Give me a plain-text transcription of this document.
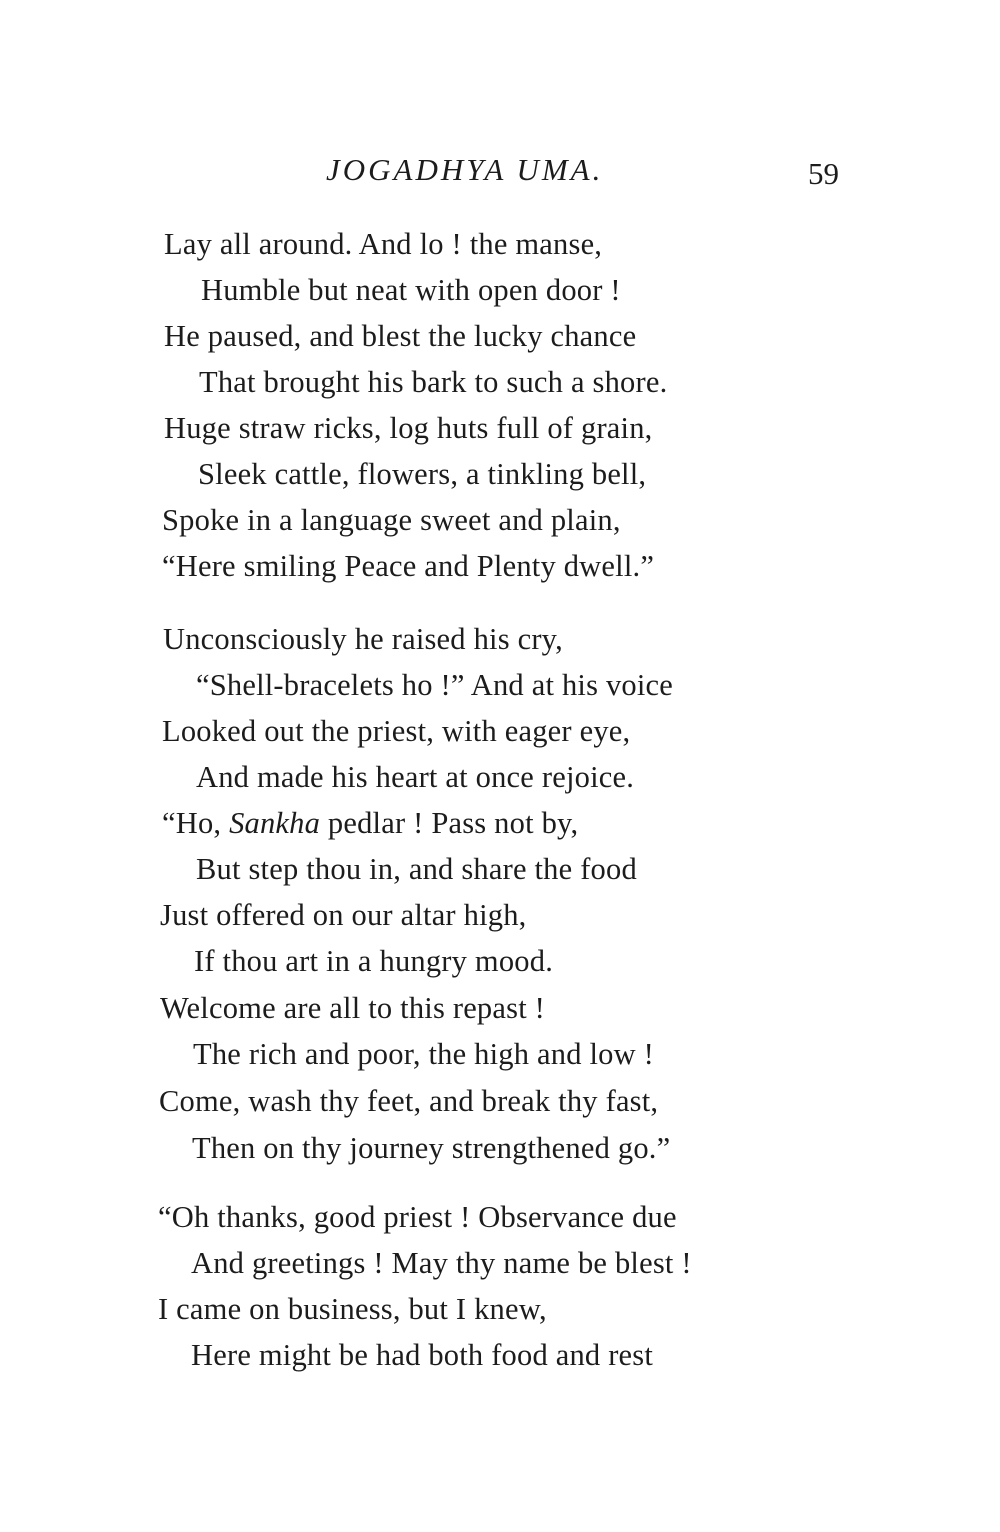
JOGADHYA UMA.	59
Lay all around. And lo ! the manse,
Humble but neat with open door !
He paused, and blest the lucky chance
That brought his bark to such a shore.
Huge straw ricks, log huts full of grain,
Sleek cattle, flowers, a tinkling bell,
Spoke in a language sweet and plain,
“Here smiling Peace and Plenty dwell.”
Unconsciously he raised his cry,
“Shell-bracelets ho !” And at his voice
Looked out the priest, with eager eye,
And made his heart at once rejoice.
“Ho, Sankha pedlar ! Pass not by,
But step thou in, and share the food
Just offered on our altar high,
If thou art in a hungry mood.
Welcome are all to this repast !
The rich and poor, the high and low !
Come, wash thy feet, and break thy fast,
Then on thy journey strengthened go.”
“Oh thanks, good priest ! Observance due
And greetings ! May thy name be blest !
I came on business, but I knew,
Here might be had both food and rest
